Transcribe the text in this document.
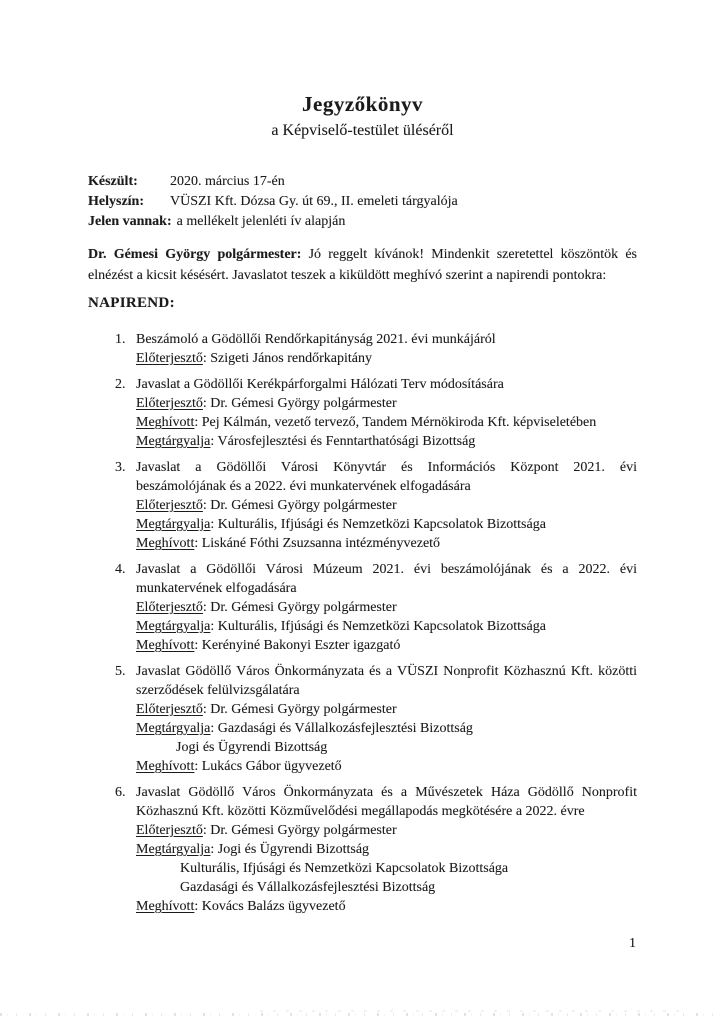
Jegyzőkönyv
a Képviselő-testület üléséről
Készült:	2020. március 17-én
Helyszín:	VÜSZI Kft. Dózsa Gy. út 69., II. emeleti tárgyalója
Jelen vannak: a mellékelt jelenléti ív alapján
Dr. Gémesi György polgármester: Jó reggelt kívánok! Mindenkit szeretettel köszöntök és
elnézést a kicsit késésért. Javaslatot teszek a kiküldött meghívó szerint a napirendi pontokra:
NAPIREND:
1. Beszámoló a Gödöllői Rendőrkapitányság 2021. évi munkájáról
Előterjesztő: Szigeti János rendőrkapitány
2. Javaslat a Gödöllői Kerékpárforgalmi Hálózati Terv módosítására
Előterjesztő: Dr. Gémesi György polgármester
Meghívott: Pej Kálmán, vezető tervező, Tandem Mérnökiroda Kft. képviseletében
Megtárgyalja: Városfejlesztési és Fenntarthatósági Bizottság
3. Javaslat a Gödöllői Városi Könyvtár és Információs Központ 2021. évi
beszámolójának és a 2022. évi munkatervének elfogadására
Előterjesztő: Dr. Gémesi György polgármester
Megtárgyalja: Kulturális, Ifjúsági és Nemzetközi Kapcsolatok Bizottsága
Meghívott: Liskáné Fóthi Zsuzsanna intézményvezető
4. Javaslat a Gödöllői Városi Múzeum 2021. évi beszámolójának és a 2022. évi
munkatervének elfogadására
Előterjesztő: Dr. Gémesi György polgármester
Megtárgyalja: Kulturális, Ifjúsági és Nemzetközi Kapcsolatok Bizottsága
Meghívott: Kerényiné Bakonyi Eszter igazgató
5. Javaslat Gödöllő Város Önkormányzata és a VÜSZI Nonprofit Közhasznú Kft. közötti
szerződések felülvizsgálatára
Előterjesztő: Dr. Gémesi György polgármester
Megtárgyalja: Gazdasági és Vállalkozásfejlesztési Bizottság
Jogi és Ügyrendi Bizottság
Meghívott: Lukács Gábor ügyvezető
6. Javaslat Gödöllő Város Önkormányzata és a Művészetek Háza Gödöllő Nonprofit
Közhasznú Kft. közötti Közművelődési megállapodás megkötésére a 2022. évre
Előterjesztő: Dr. Gémesi György polgármester
Megtárgyalja: Jogi és Ügyrendi Bizottság
Kulturális, Ifjúsági és Nemzetközi Kapcsolatok Bizottsága
Gazdasági és Vállalkozásfejlesztési Bizottság
Meghívott: Kovács Balázs ügyvezető
1
